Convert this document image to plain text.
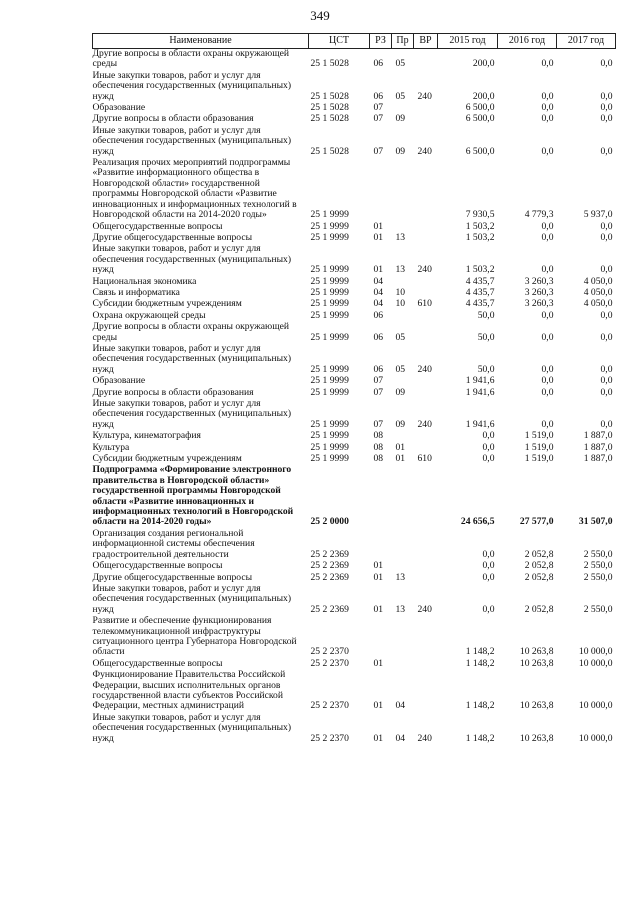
349
Наименование	ЦСТ	РЗ	Пр	ВР	2015 год	2016 год	2017 год
Другие вопросы в области охраны окружающей среды	25 1 5028	06	05		200,0	0,0	0,0
Иные закупки товаров, работ и услуг для обеспечения государственных (муниципальных) нужд	25 1 5028	06	05	240	200,0	0,0	0,0
Образование	25 1 5028	07			6 500,0	0,0	0,0
Другие вопросы в области образования	25 1 5028	07	09		6 500,0	0,0	0,0
Иные закупки товаров, работ и услуг для обеспечения государственных (муниципальных) нужд	25 1 5028	07	09	240	6 500,0	0,0	0,0
Реализация прочих мероприятий подпрограммы «Развитие информационного общества в Новгородской области» государственной программы Новгородской области «Развитие инновационных и информационных технологий в Новгородской области на 2014-2020 годы»	25 1 9999				7 930,5	4 779,3	5 937,0
Общегосударственные вопросы	25 1 9999	01			1 503,2	0,0	0,0
Другие общегосударственные вопросы	25 1 9999	01	13		1 503,2	0,0	0,0
Иные закупки товаров, работ и услуг для обеспечения государственных (муниципальных) нужд	25 1 9999	01	13	240	1 503,2	0,0	0,0
Национальная экономика	25 1 9999	04			4 435,7	3 260,3	4 050,0
Связь и информатика	25 1 9999	04	10		4 435,7	3 260,3	4 050,0
Субсидии бюджетным учреждениям	25 1 9999	04	10	610	4 435,7	3 260,3	4 050,0
Охрана окружающей среды	25 1 9999	06			50,0	0,0	0,0
Другие вопросы в области охраны окружающей среды	25 1 9999	06	05		50,0	0,0	0,0
Иные закупки товаров, работ и услуг для обеспечения государственных (муниципальных) нужд	25 1 9999	06	05	240	50,0	0,0	0,0
Образование	25 1 9999	07			1 941,6	0,0	0,0
Другие вопросы в области образования	25 1 9999	07	09		1 941,6	0,0	0,0
Иные закупки товаров, работ и услуг для обеспечения государственных (муниципальных) нужд	25 1 9999	07	09	240	1 941,6	0,0	0,0
Культура, кинематография	25 1 9999	08			0,0	1 519,0	1 887,0
Культура	25 1 9999	08	01		0,0	1 519,0	1 887,0
Субсидии бюджетным учреждениям	25 1 9999	08	01	610	0,0	1 519,0	1 887,0
Подпрограмма «Формирование электронного правительства в Новгородской области» государственной программы Новгородской области «Развитие инновационных и информационных технологий в Новгородской области на 2014-2020 годы»	25 2 0000				24 656,5	27 577,0	31 507,0
Организация создания региональной информационной системы обеспечения градостроительной деятельности	25 2 2369				0,0	2 052,8	2 550,0
Общегосударственные вопросы	25 2 2369	01			0,0	2 052,8	2 550,0
Другие общегосударственные вопросы	25 2 2369	01	13		0,0	2 052,8	2 550,0
Иные закупки товаров, работ и услуг для обеспечения государственных (муниципальных) нужд	25 2 2369	01	13	240	0,0	2 052,8	2 550,0
Развитие и обеспечение функционирования телекоммуникационной инфраструктуры ситуационного центра Губернатора Новгородской области	25 2 2370				1 148,2	10 263,8	10 000,0
Общегосударственные вопросы	25 2 2370	01			1 148,2	10 263,8	10 000,0
Функционирование Правительства Российской Федерации, высших исполнительных органов государственной власти субъектов Российской Федерации, местных администраций	25 2 2370	01	04		1 148,2	10 263,8	10 000,0
Иные закупки товаров, работ и услуг для обеспечения государственных (муниципальных) нужд	25 2 2370	01	04	240	1 148,2	10 263,8	10 000,0
